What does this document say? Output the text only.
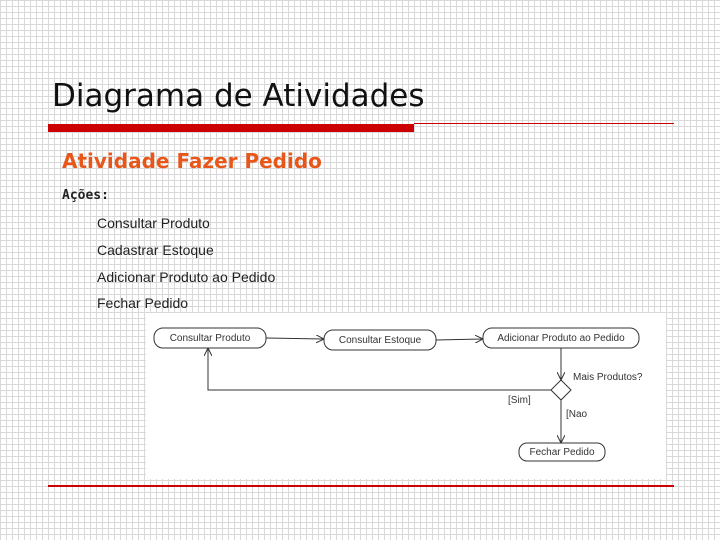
Diagrama de Atividades
Atividade Fazer Pedido
Ações:
Consultar Produto
Cadastrar Estoque
Adicionar Produto ao Pedido
Fechar Pedido
Consultar Produto	Consultar Estoque	Adicionar Produto ao Pedido
Fechar Pedido
Mais Produtos?
[Sim]
[Nao
